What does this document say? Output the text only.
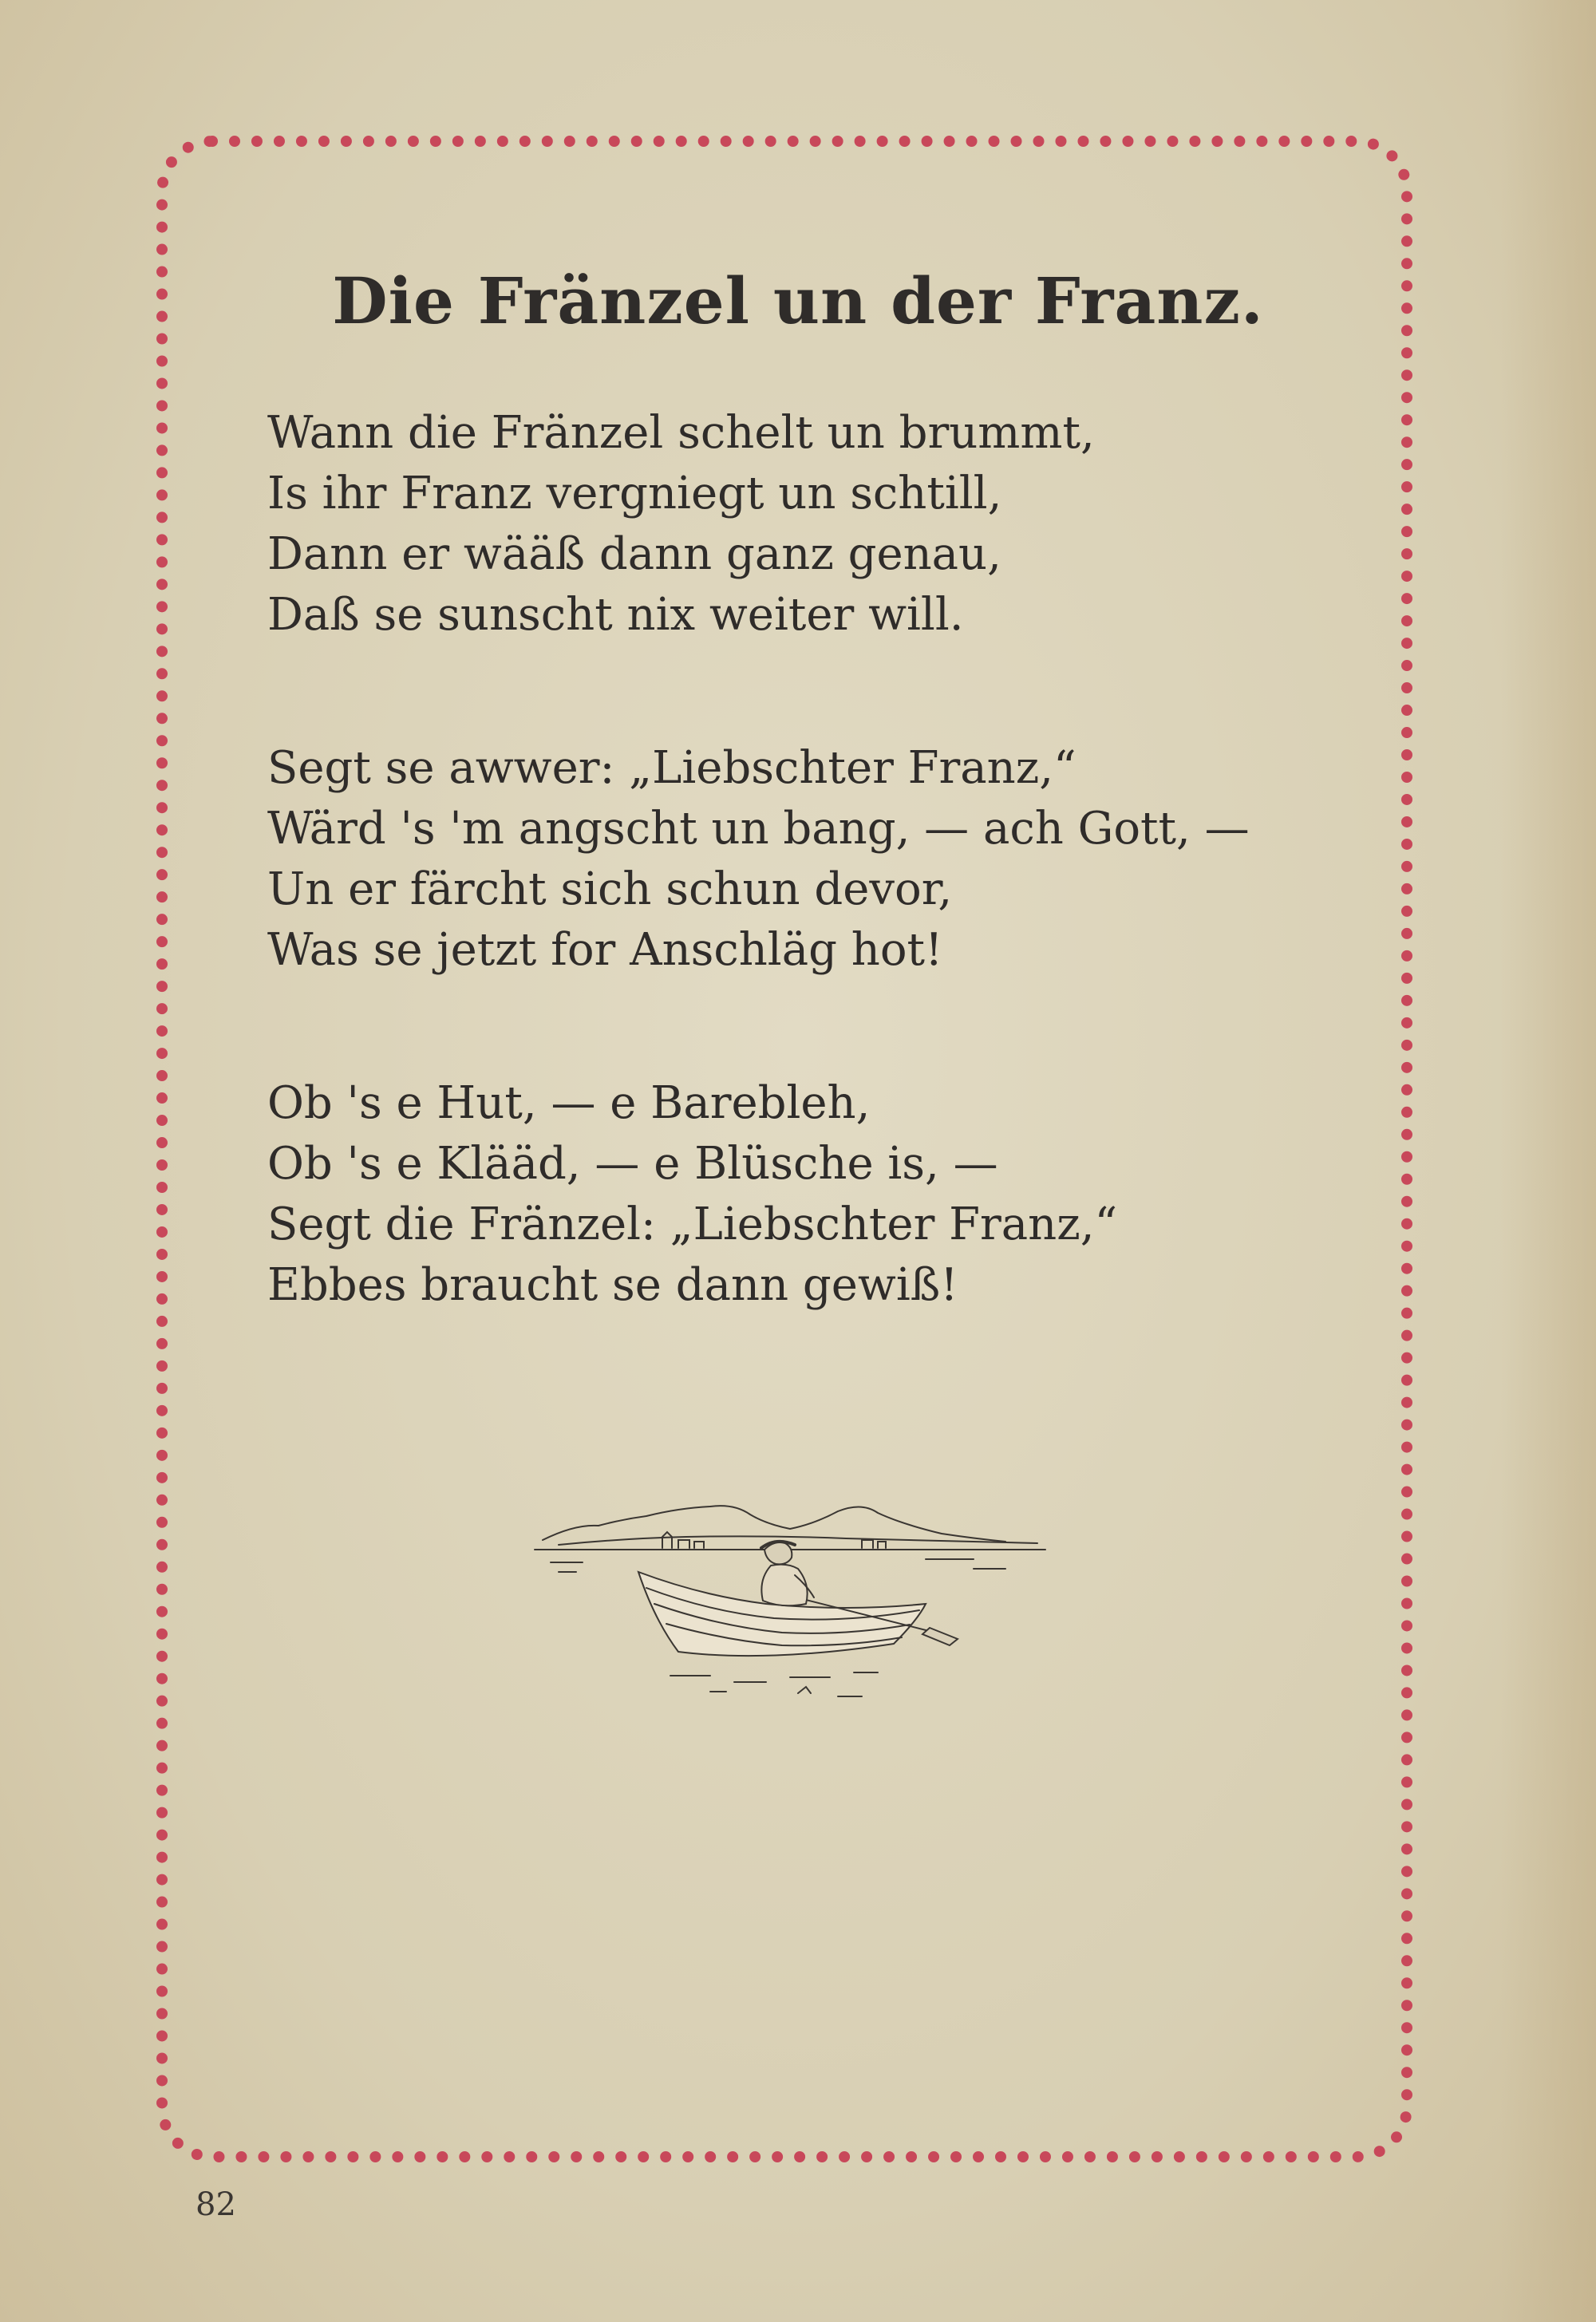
Die Fränzel un der Franz.
Wann die Fränzel schelt un brummt,
Is ihr Franz vergniegt un schtill,
Dann er wääß dann ganz genau,
Daß se sunscht nix weiter will.
Segt se awwer: „Liebschter Franz,“
Wärd 's 'm angscht un bang, — ach Gott, —
Un er färcht sich schun devor,
Was se jetzt for Anschläg hot!
Ob 's e Hut, — e Barebleh,
Ob 's e Klääd, — e Blüsche is, —
Segt die Fränzel: „Liebschter Franz,“
Ebbes braucht se dann gewiß!
82
